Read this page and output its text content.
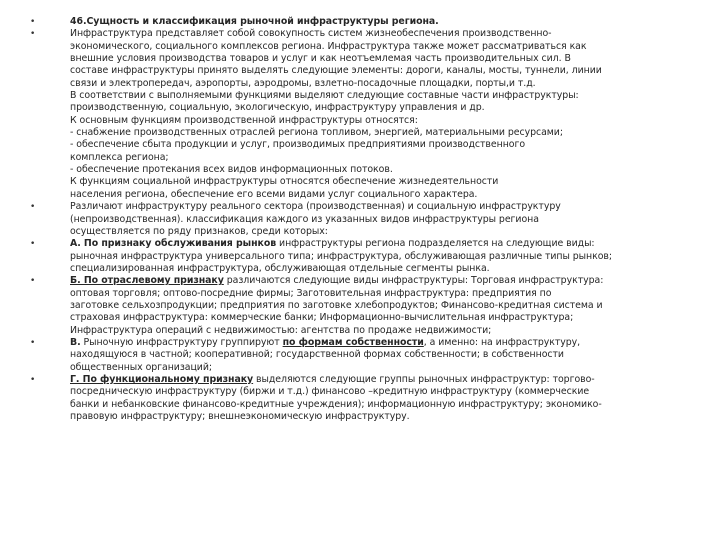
•	46.Сущность и классификация рыночной инфраструктуры региона.
•	Инфраструктура представляет собой совокупность систем жизнеобеспечения производственно-
экономического, социального комплексов региона. Инфраструктура также может рассматриваться как
внешние условия производства товаров и услуг и как неотъемлемая часть производительных сил. В
составе инфраструктуры принято выделять следующие элементы: дороги, каналы, мосты, туннели, линии
связи и электропередач, аэропорты, аэродромы, взлетно-посадочные площадки, порты,и т.д.
В соответствии с выполняемыми функциями выделяют следующие составные части инфраструктуры:
производственную, социальную, экологическую, инфраструктуру управления и др.
К основным функциям производственной инфраструктуры относятся:
- снабжение производственных отраслей региона топливом, энергией, материальными ресурсами;
- обеспечение сбыта продукции и услуг, производимых предприятиями производственного
комплекса региона;
- обеспечение протекания всех видов информационных потоков.
К функциям социальной инфраструктуры относятся обеспечение жизнедеятельности
населения региона, обеспечение его всеми видами услуг социального характера.
•	Различают инфраструктуру реального сектора (производственная) и социальную инфраструктуру
(непроизводственная). классификация каждого из указанных видов инфраструктуры региона
осуществляется по ряду признаков, среди которых:
•	А. По признаку обслуживания рынков инфраструктуры региона подразделяется на следующие виды:
рыночная инфраструктура универсального типа; инфраструктура, обслуживающая различные типы рынков;
специализированная инфраструктура, обслуживающая отдельные сегменты рынка.
•	Б. По отраслевому признаку различаются следующие виды инфраструктуры: Торговая инфраструктура:
оптовая торговля; оптово-посредние фирмы; Заготовительная инфраструктура: предприятия по
заготовке сельхозпродукции; предприятия по заготовке хлебопродуктов; Финансово-кредитная система и
страховая инфраструктура: коммерческие банки; Информационно-вычислительная инфраструктура;
Инфраструктура операций с недвижимостью: агентства по продаже недвижимости;
•	В. Рыночную инфраструктуру группируют по формам собственности, а именно: на инфраструктуру,
находящуюся в частной; кооперативной; государственной формах собственности; в собственности
общественных организаций;
•	Г. По функциональному признаку выделяются следующие группы рыночных инфраструктур: торгово-
посредническую инфраструктуру (биржи и т.д.) финансово –кредитную инфраструктуру (коммерческие
банки и небанковские финансово-кредитные учреждения); информационную инфраструктуру; экономико-
правовую инфраструктуру; внешнеэкономическую инфраструктуру.
